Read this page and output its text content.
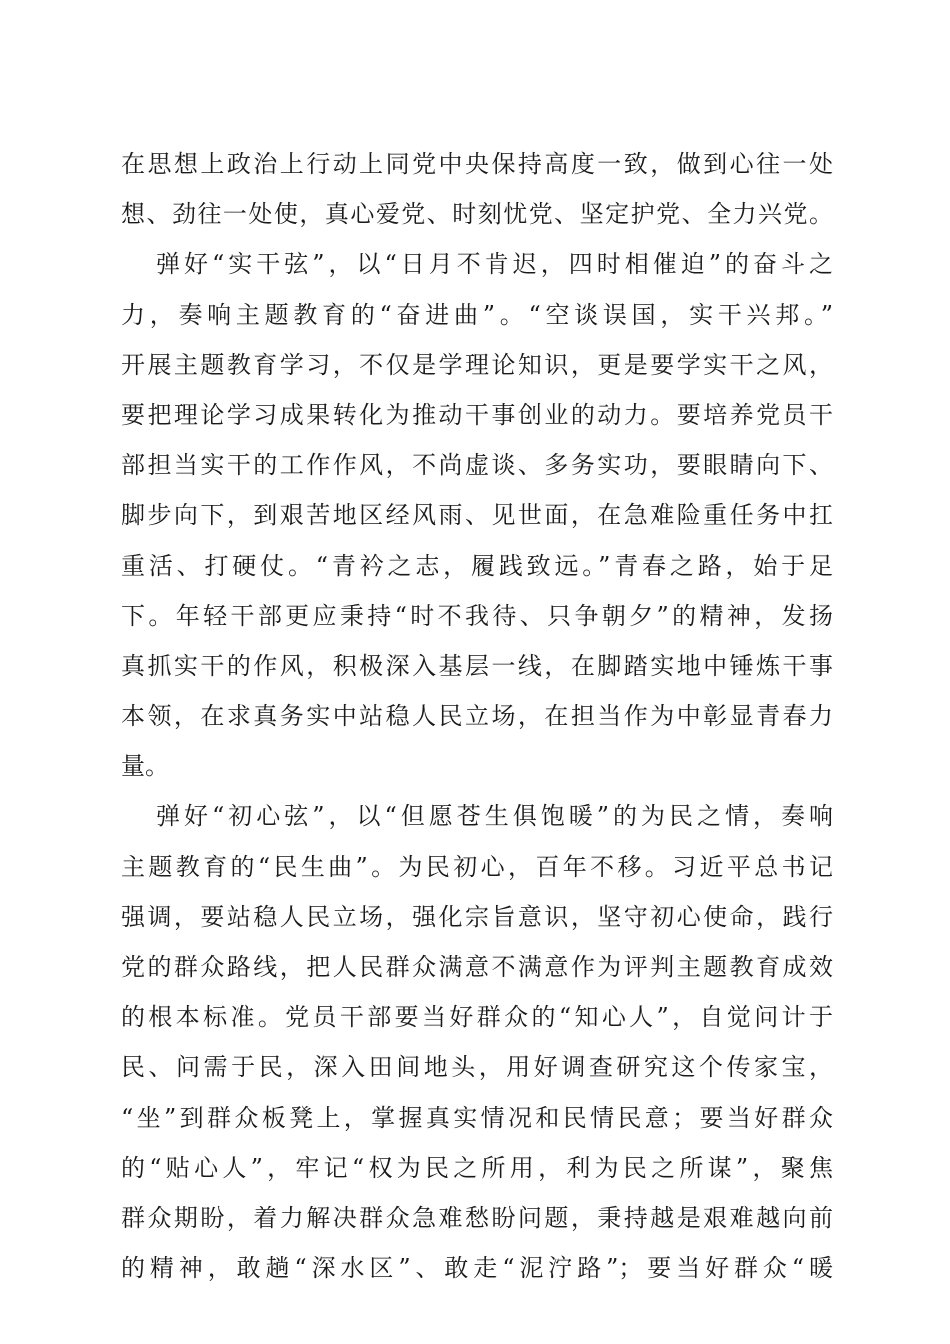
在思想上政治上行动上同党中央保持高度一致，做到心往一处
想、劲往一处使，真心爱党、时刻忧党、坚定护党、全力兴党。
弹好“实干弦”，以“日月不肯迟，四时相催迫”的奋斗之
力，奏响主题教育的“奋进曲”。“空谈误国，实干兴邦。”
开展主题教育学习，不仅是学理论知识，更是要学实干之风，
要把理论学习成果转化为推动干事创业的动力。要培养党员干
部担当实干的工作作风，不尚虚谈、多务实功，要眼睛向下、
脚步向下，到艰苦地区经风雨、见世面，在急难险重任务中扛
重活、打硬仗。“青衿之志，履践致远。”青春之路，始于足
下。年轻干部更应秉持“时不我待、只争朝夕”的精神，发扬
真抓实干的作风，积极深入基层一线，在脚踏实地中锤炼干事
本领，在求真务实中站稳人民立场，在担当作为中彰显青春力
量。
弹好“初心弦”，以“但愿苍生俱饱暖”的为民之情，奏响
主题教育的“民生曲”。为民初心，百年不移。习近平总书记
强调，要站稳人民立场，强化宗旨意识，坚守初心使命，践行
党的群众路线，把人民群众满意不满意作为评判主题教育成效
的根本标准。党员干部要当好群众的“知心人”，自觉问计于
民、问需于民，深入田间地头，用好调查研究这个传家宝，
“坐”到群众板凳上，掌握真实情况和民情民意；要当好群众
的“贴心人”，牢记“权为民之所用，利为民之所谋”，聚焦
群众期盼，着力解决群众急难愁盼问题，秉持越是艰难越向前
的精神，敢趟“深水区”、敢走“泥泞路”；要当好群众“暖
